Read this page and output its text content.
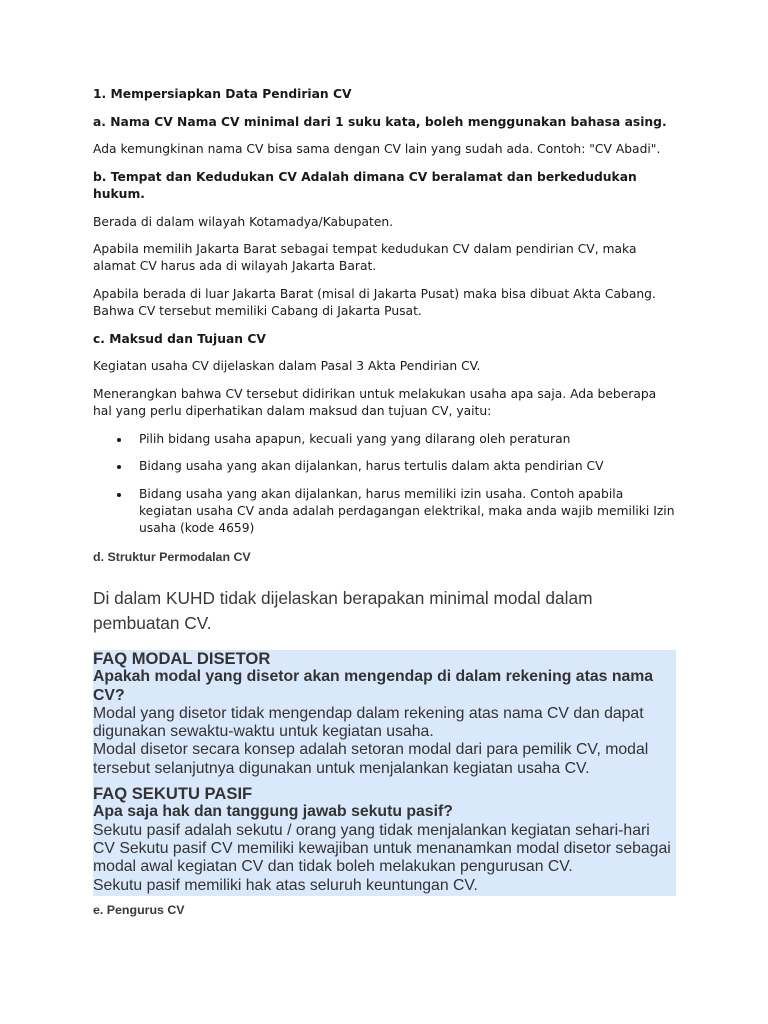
1. Mempersiapkan Data Pendirian CV

a. Nama CV Nama CV minimal dari 1 suku kata, boleh menggunakan bahasa asing.

Ada kemungkinan nama CV bisa sama dengan CV lain yang sudah ada. Contoh: "CV Abadi".

b. Tempat dan Kedudukan CV Adalah dimana CV beralamat dan berkedudukan hukum.

Berada di dalam wilayah Kotamadya/Kabupaten.

Apabila memilih Jakarta Barat sebagai tempat kedudukan CV dalam pendirian CV, maka alamat CV harus ada di wilayah Jakarta Barat.

Apabila berada di luar Jakarta Barat (misal di Jakarta Pusat) maka bisa dibuat Akta Cabang. Bahwa CV tersebut memiliki Cabang di Jakarta Pusat.

c. Maksud dan Tujuan CV

Kegiatan usaha CV dijelaskan dalam Pasal 3 Akta Pendirian CV.

Menerangkan bahwa CV tersebut didirikan untuk melakukan usaha apa saja. Ada beberapa hal yang perlu diperhatikan dalam maksud dan tujuan CV, yaitu:

Pilih bidang usaha apapun, kecuali yang yang dilarang oleh peraturan
Bidang usaha yang akan dijalankan, harus tertulis dalam akta pendirian CV
Bidang usaha yang akan dijalankan, harus memiliki izin usaha. Contoh apabila kegiatan usaha CV anda adalah perdagangan elektrikal, maka anda wajib memiliki Izin usaha (kode 4659)

d. Struktur Permodalan CV

Di dalam KUHD tidak dijelaskan berapakan minimal modal dalam pembuatan CV.

FAQ MODAL DISETOR

Apakah modal yang disetor akan mengendap di dalam rekening atas nama CV?

Modal yang disetor tidak mengendap dalam rekening atas nama CV dan dapat digunakan sewaktu-waktu untuk kegiatan usaha.

Modal disetor secara konsep adalah setoran modal dari para pemilik CV, modal tersebut selanjutnya digunakan untuk menjalankan kegiatan usaha CV.

FAQ SEKUTU PASIF

Apa saja hak dan tanggung jawab sekutu pasif?

Sekutu pasif adalah sekutu / orang yang tidak menjalankan kegiatan sehari-hari

CV Sekutu pasif CV memiliki kewajiban untuk menanamkan modal disetor sebagai modal awal kegiatan CV dan tidak boleh melakukan pengurusan CV.

Sekutu pasif memiliki hak atas seluruh keuntungan CV.

e. Pengurus CV
